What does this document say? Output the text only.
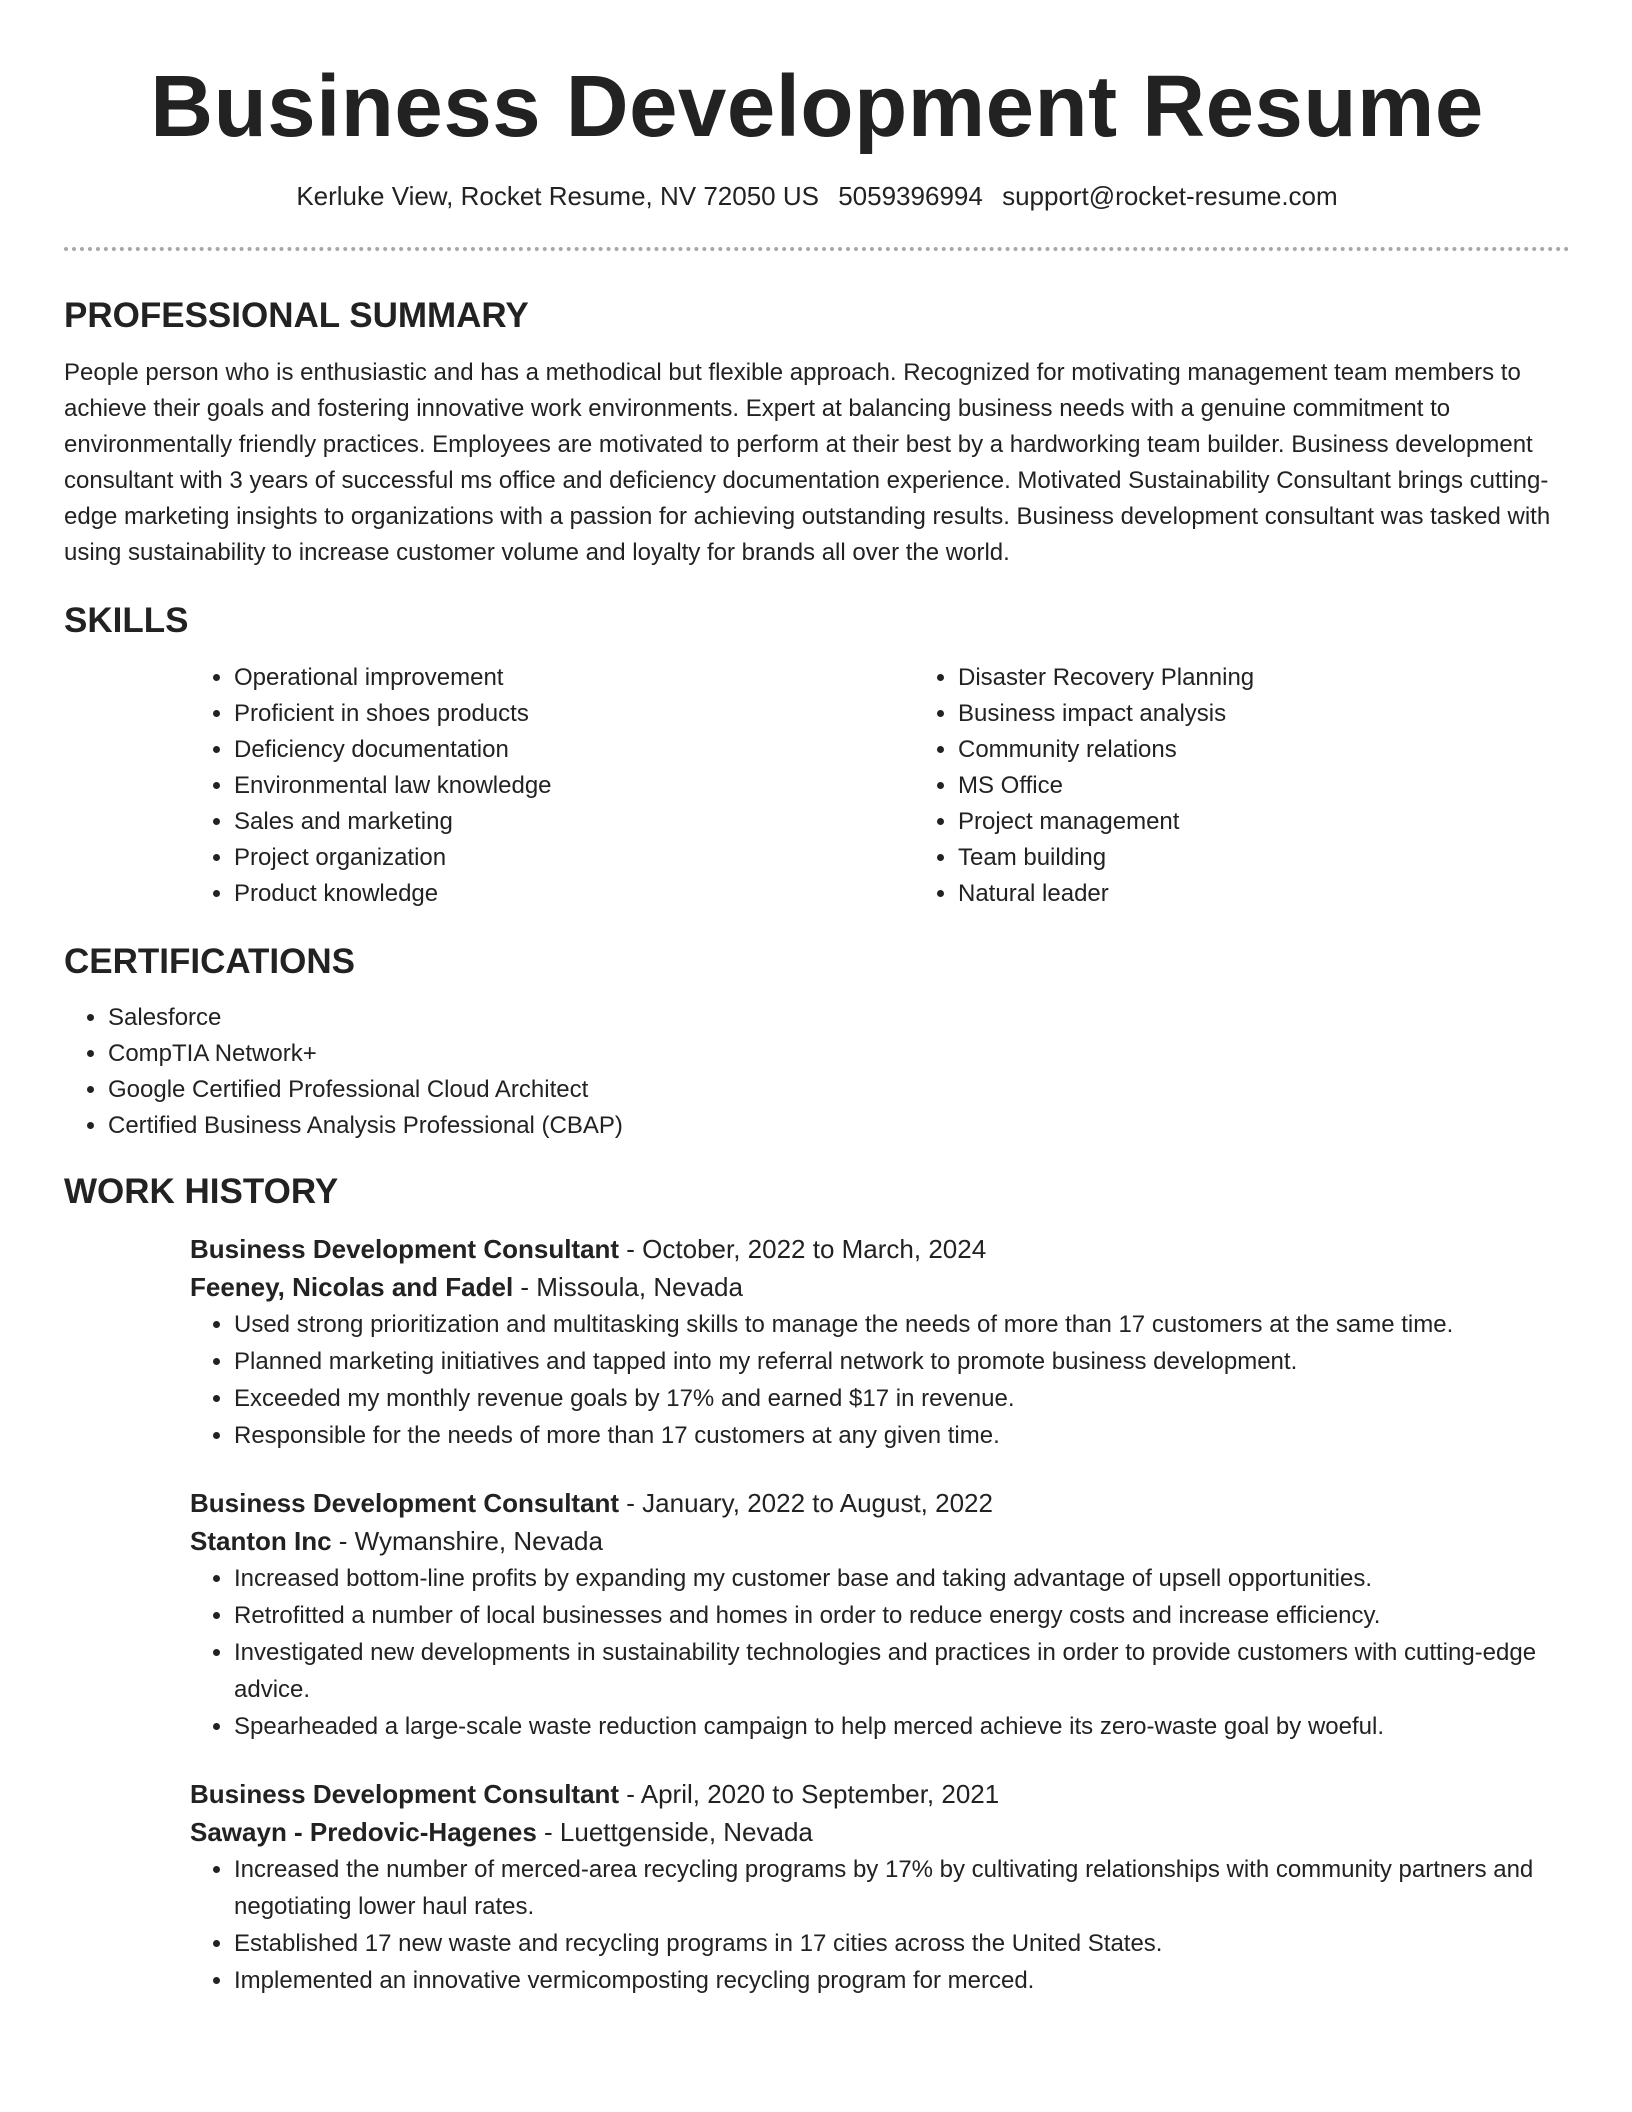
Business Development Resume
Kerluke View, Rocket Resume, NV 72050 US 5059396994 support@rocket-resume.com
PROFESSIONAL SUMMARY

People person who is enthusiastic and has a methodical but flexible approach. Recognized for motivating management team members to achieve their goals and fostering innovative work environments. Expert at balancing business needs with a genuine commitment to environmentally friendly practices. Employees are motivated to perform at their best by a hardworking team builder. Business development consultant with 3 years of successful ms office and deficiency documentation experience. Motivated Sustainability Consultant brings cutting-edge marketing insights to organizations with a passion for achieving outstanding results. Business development consultant was tasked with using sustainability to increase customer volume and loyalty for brands all over the world.

SKILLS
• Operational improvement
• Proficient in shoes products
• Deficiency documentation
• Environmental law knowledge
• Sales and marketing
• Project organization
• Product knowledge
• Disaster Recovery Planning
• Business impact analysis
• Community relations
• MS Office
• Project management
• Team building
• Natural leader
CERTIFICATIONS
• Salesforce
• CompTIA Network+
• Google Certified Professional Cloud Architect
• Certified Business Analysis Professional (CBAP)
WORK HISTORY

Business Development Consultant - October, 2022 to March, 2024

Feeney, Nicolas and Fadel - Missoula, Nevada

• Used strong prioritization and multitasking skills to manage the needs of more than 17 customers at the same time.
• Planned marketing initiatives and tapped into my referral network to promote business development.
• Exceeded my monthly revenue goals by 17% and earned $17 in revenue.
• Responsible for the needs of more than 17 customers at any given time.

Business Development Consultant - January, 2022 to August, 2022

Stanton Inc - Wymanshire, Nevada

• Increased bottom-line profits by expanding my customer base and taking advantage of upsell opportunities.
• Retrofitted a number of local businesses and homes in order to reduce energy costs and increase efficiency.
• Investigated new developments in sustainability technologies and practices in order to provide customers with cutting-edge advice.
• Spearheaded a large-scale waste reduction campaign to help merced achieve its zero-waste goal by woeful.

Business Development Consultant - April, 2020 to September, 2021

Sawayn - Predovic-Hagenes - Luettgenside, Nevada

• Increased the number of merced-area recycling programs by 17% by cultivating relationships with community partners and negotiating lower haul rates.
• Established 17 new waste and recycling programs in 17 cities across the United States.
• Implemented an innovative vermicomposting recycling program for merced.
